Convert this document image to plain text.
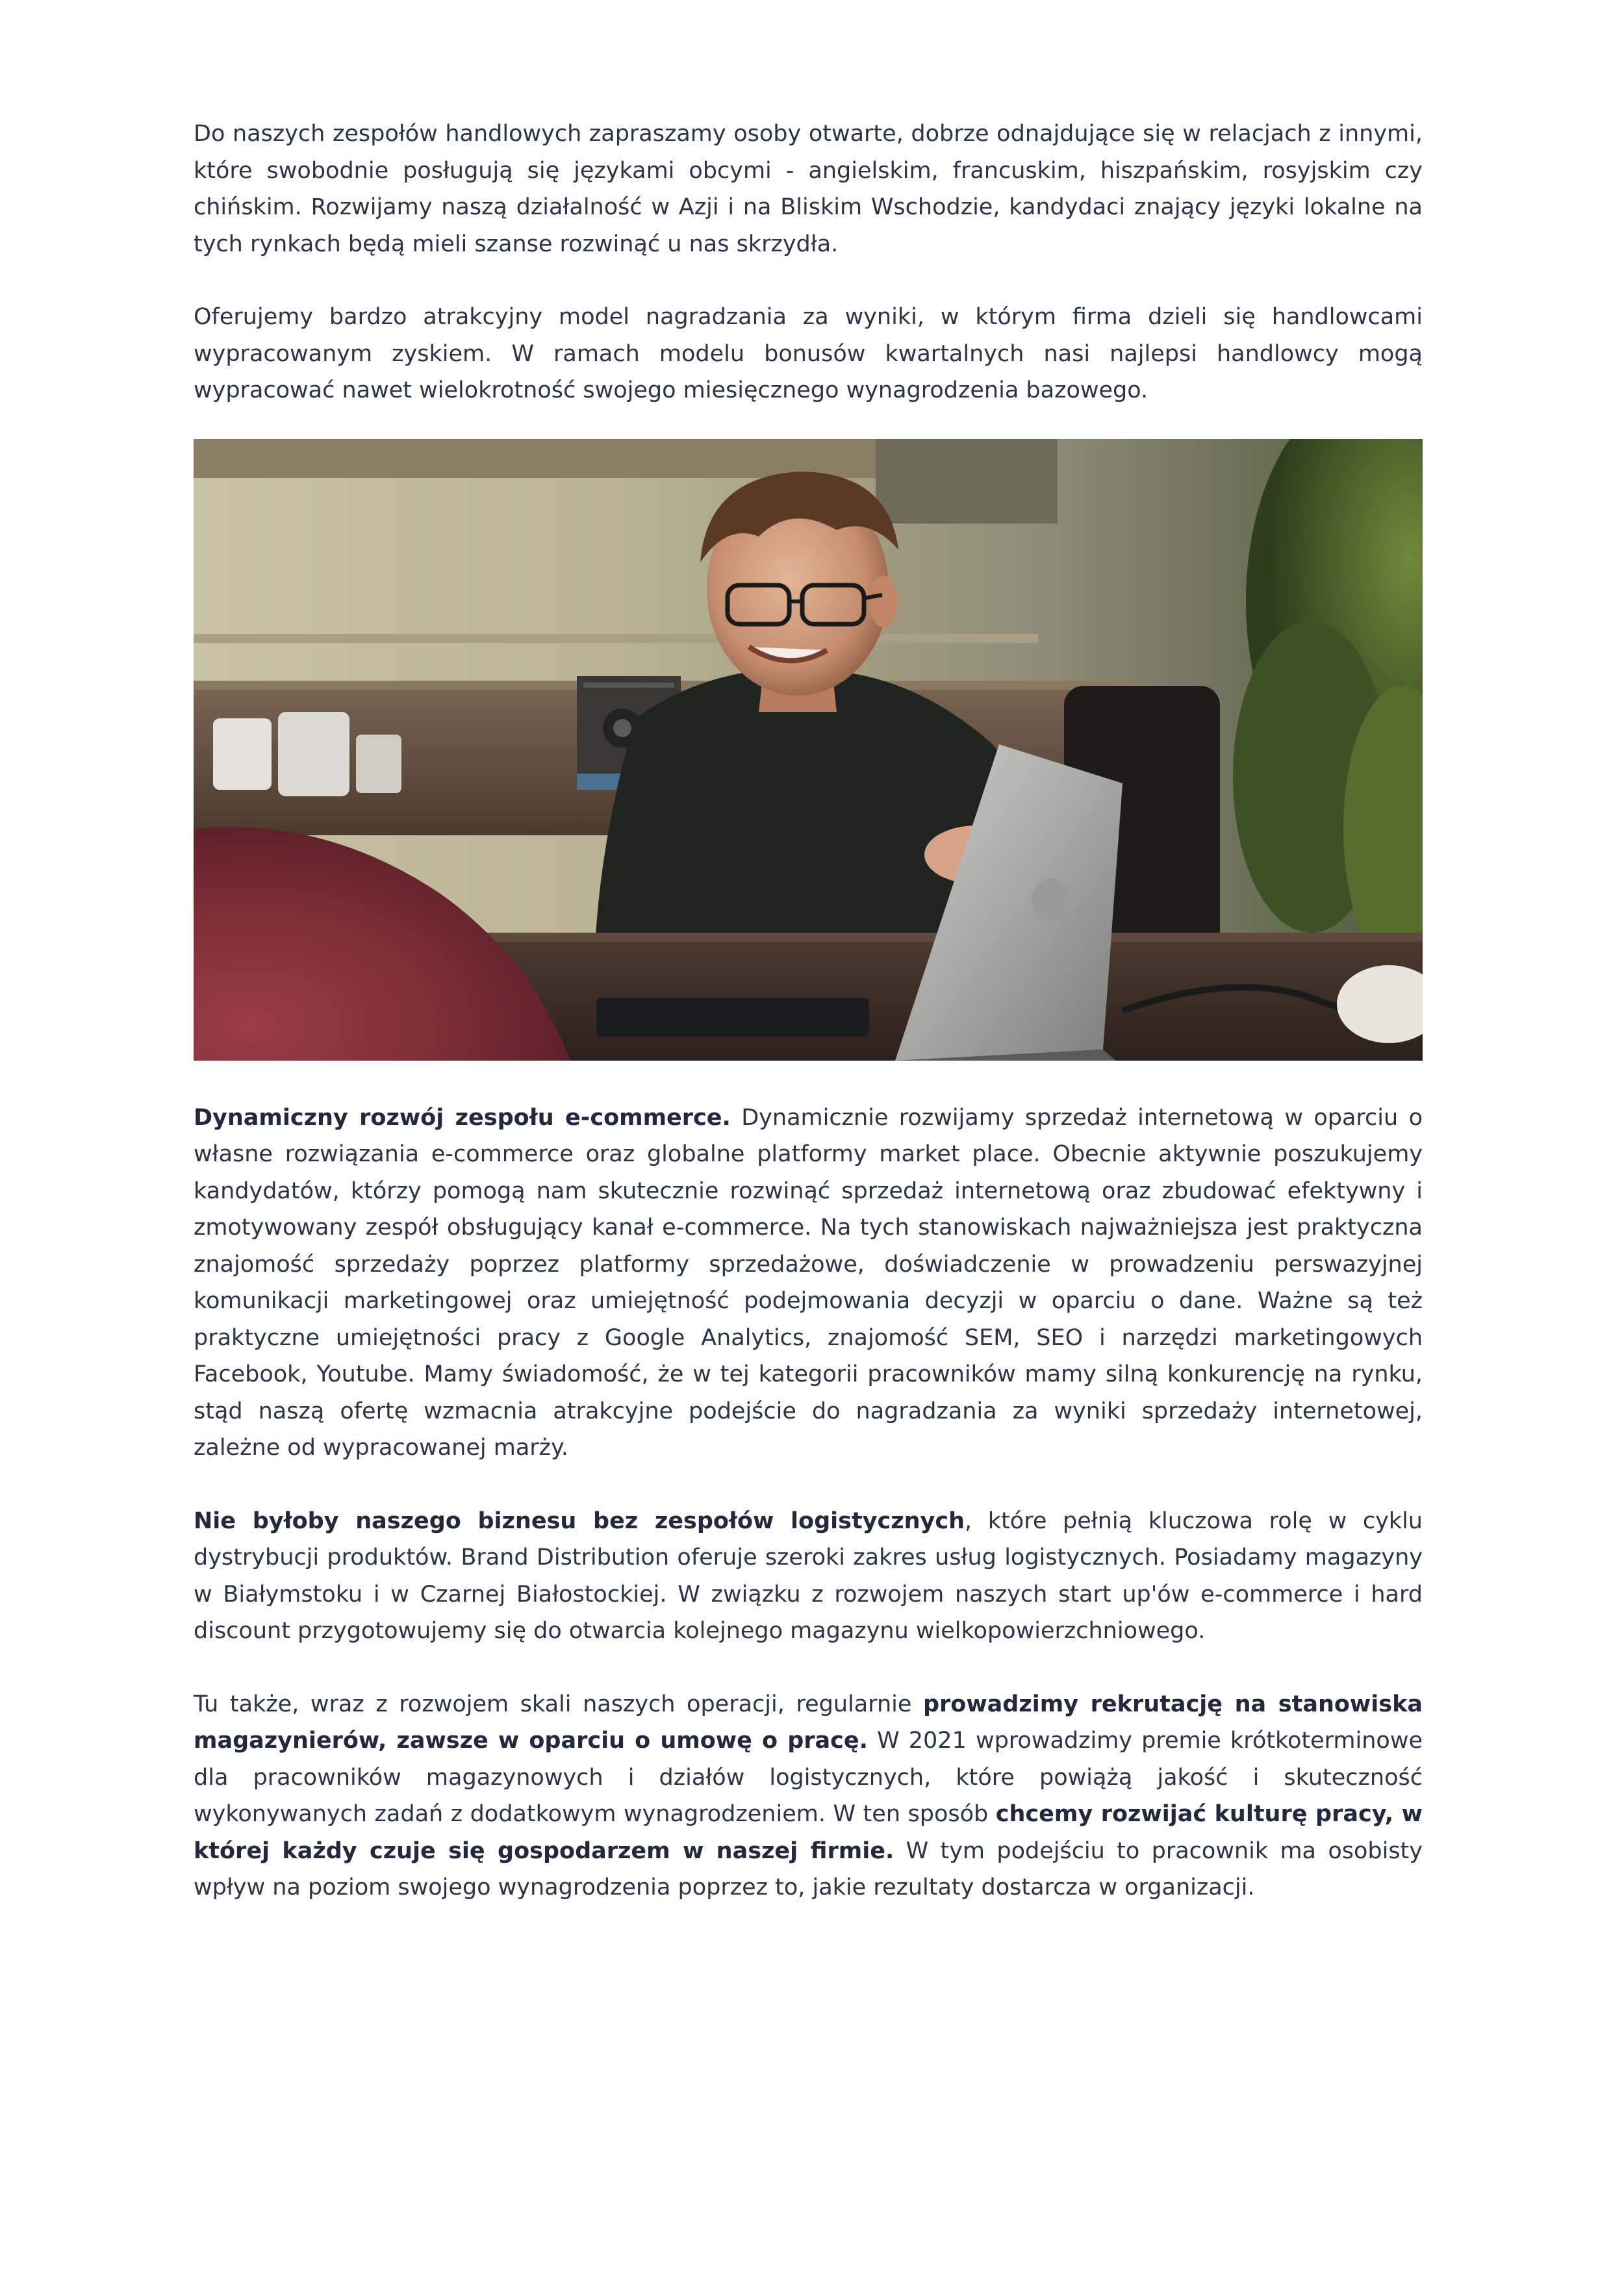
Do naszych zespołów handlowych zapraszamy osoby otwarte, dobrze odnajdujące się w relacjach z innymi, które swobodnie posługują się językami obcymi - angielskim, francuskim, hiszpańskim, rosyjskim czy chińskim. Rozwijamy naszą działalność w Azji i na Bliskim Wschodzie, kandydaci znający języki lokalne na tych rynkach będą mieli szanse rozwinąć u nas skrzydła.

Oferujemy bardzo atrakcyjny model nagradzania za wyniki, w którym firma dzieli się handlowcami wypracowanym zyskiem. W ramach modelu bonusów kwartalnych nasi najlepsi handlowcy mogą wypracować nawet wielokrotność swojego miesięcznego wynagrodzenia bazowego.

Dynamiczny rozwój zespołu e-commerce. Dynamicznie rozwijamy sprzedaż internetową w oparciu o własne rozwiązania e-commerce oraz globalne platformy market place. Obecnie aktywnie poszukujemy kandydatów, którzy pomogą nam skutecznie rozwinąć sprzedaż internetową oraz zbudować efektywny i zmotywowany zespół obsługujący kanał e-commerce. Na tych stanowiskach najważniejsza jest praktyczna znajomość sprzedaży poprzez platformy sprzedażowe, doświadczenie w prowadzeniu perswazyjnej komunikacji marketingowej oraz umiejętność podejmowania decyzji w oparciu o dane. Ważne są też praktyczne umiejętności pracy z Google Analytics, znajomość SEM, SEO i narzędzi marketingowych Facebook, Youtube. Mamy świadomość, że w tej kategorii pracowników mamy silną konkurencję na rynku, stąd naszą ofertę wzmacnia atrakcyjne podejście do nagradzania za wyniki sprzedaży internetowej, zależne od wypracowanej marży.

Nie byłoby naszego biznesu bez zespołów logistycznych, które pełnią kluczowa rolę w cyklu dystrybucji produktów. Brand Distribution oferuje szeroki zakres usług logistycznych. Posiadamy magazyny w Białymstoku i w Czarnej Białostockiej. W związku z rozwojem naszych start up'ów e-commerce i hard discount przygotowujemy się do otwarcia kolejnego magazynu wielkopowierzchniowego.

Tu także, wraz z rozwojem skali naszych operacji, regularnie prowadzimy rekrutację na stanowiska magazynierów, zawsze w oparciu o umowę o pracę. W 2021 wprowadzimy premie krótkoterminowe dla pracowników magazynowych i działów logistycznych, które powiążą jakość i skuteczność wykonywanych zadań z dodatkowym wynagrodzeniem. W ten sposób chcemy rozwijać kulturę pracy, w której każdy czuje się gospodarzem w naszej firmie. W tym podejściu to pracownik ma osobisty wpływ na poziom swojego wynagrodzenia poprzez to, jakie rezultaty dostarcza w organizacji.
